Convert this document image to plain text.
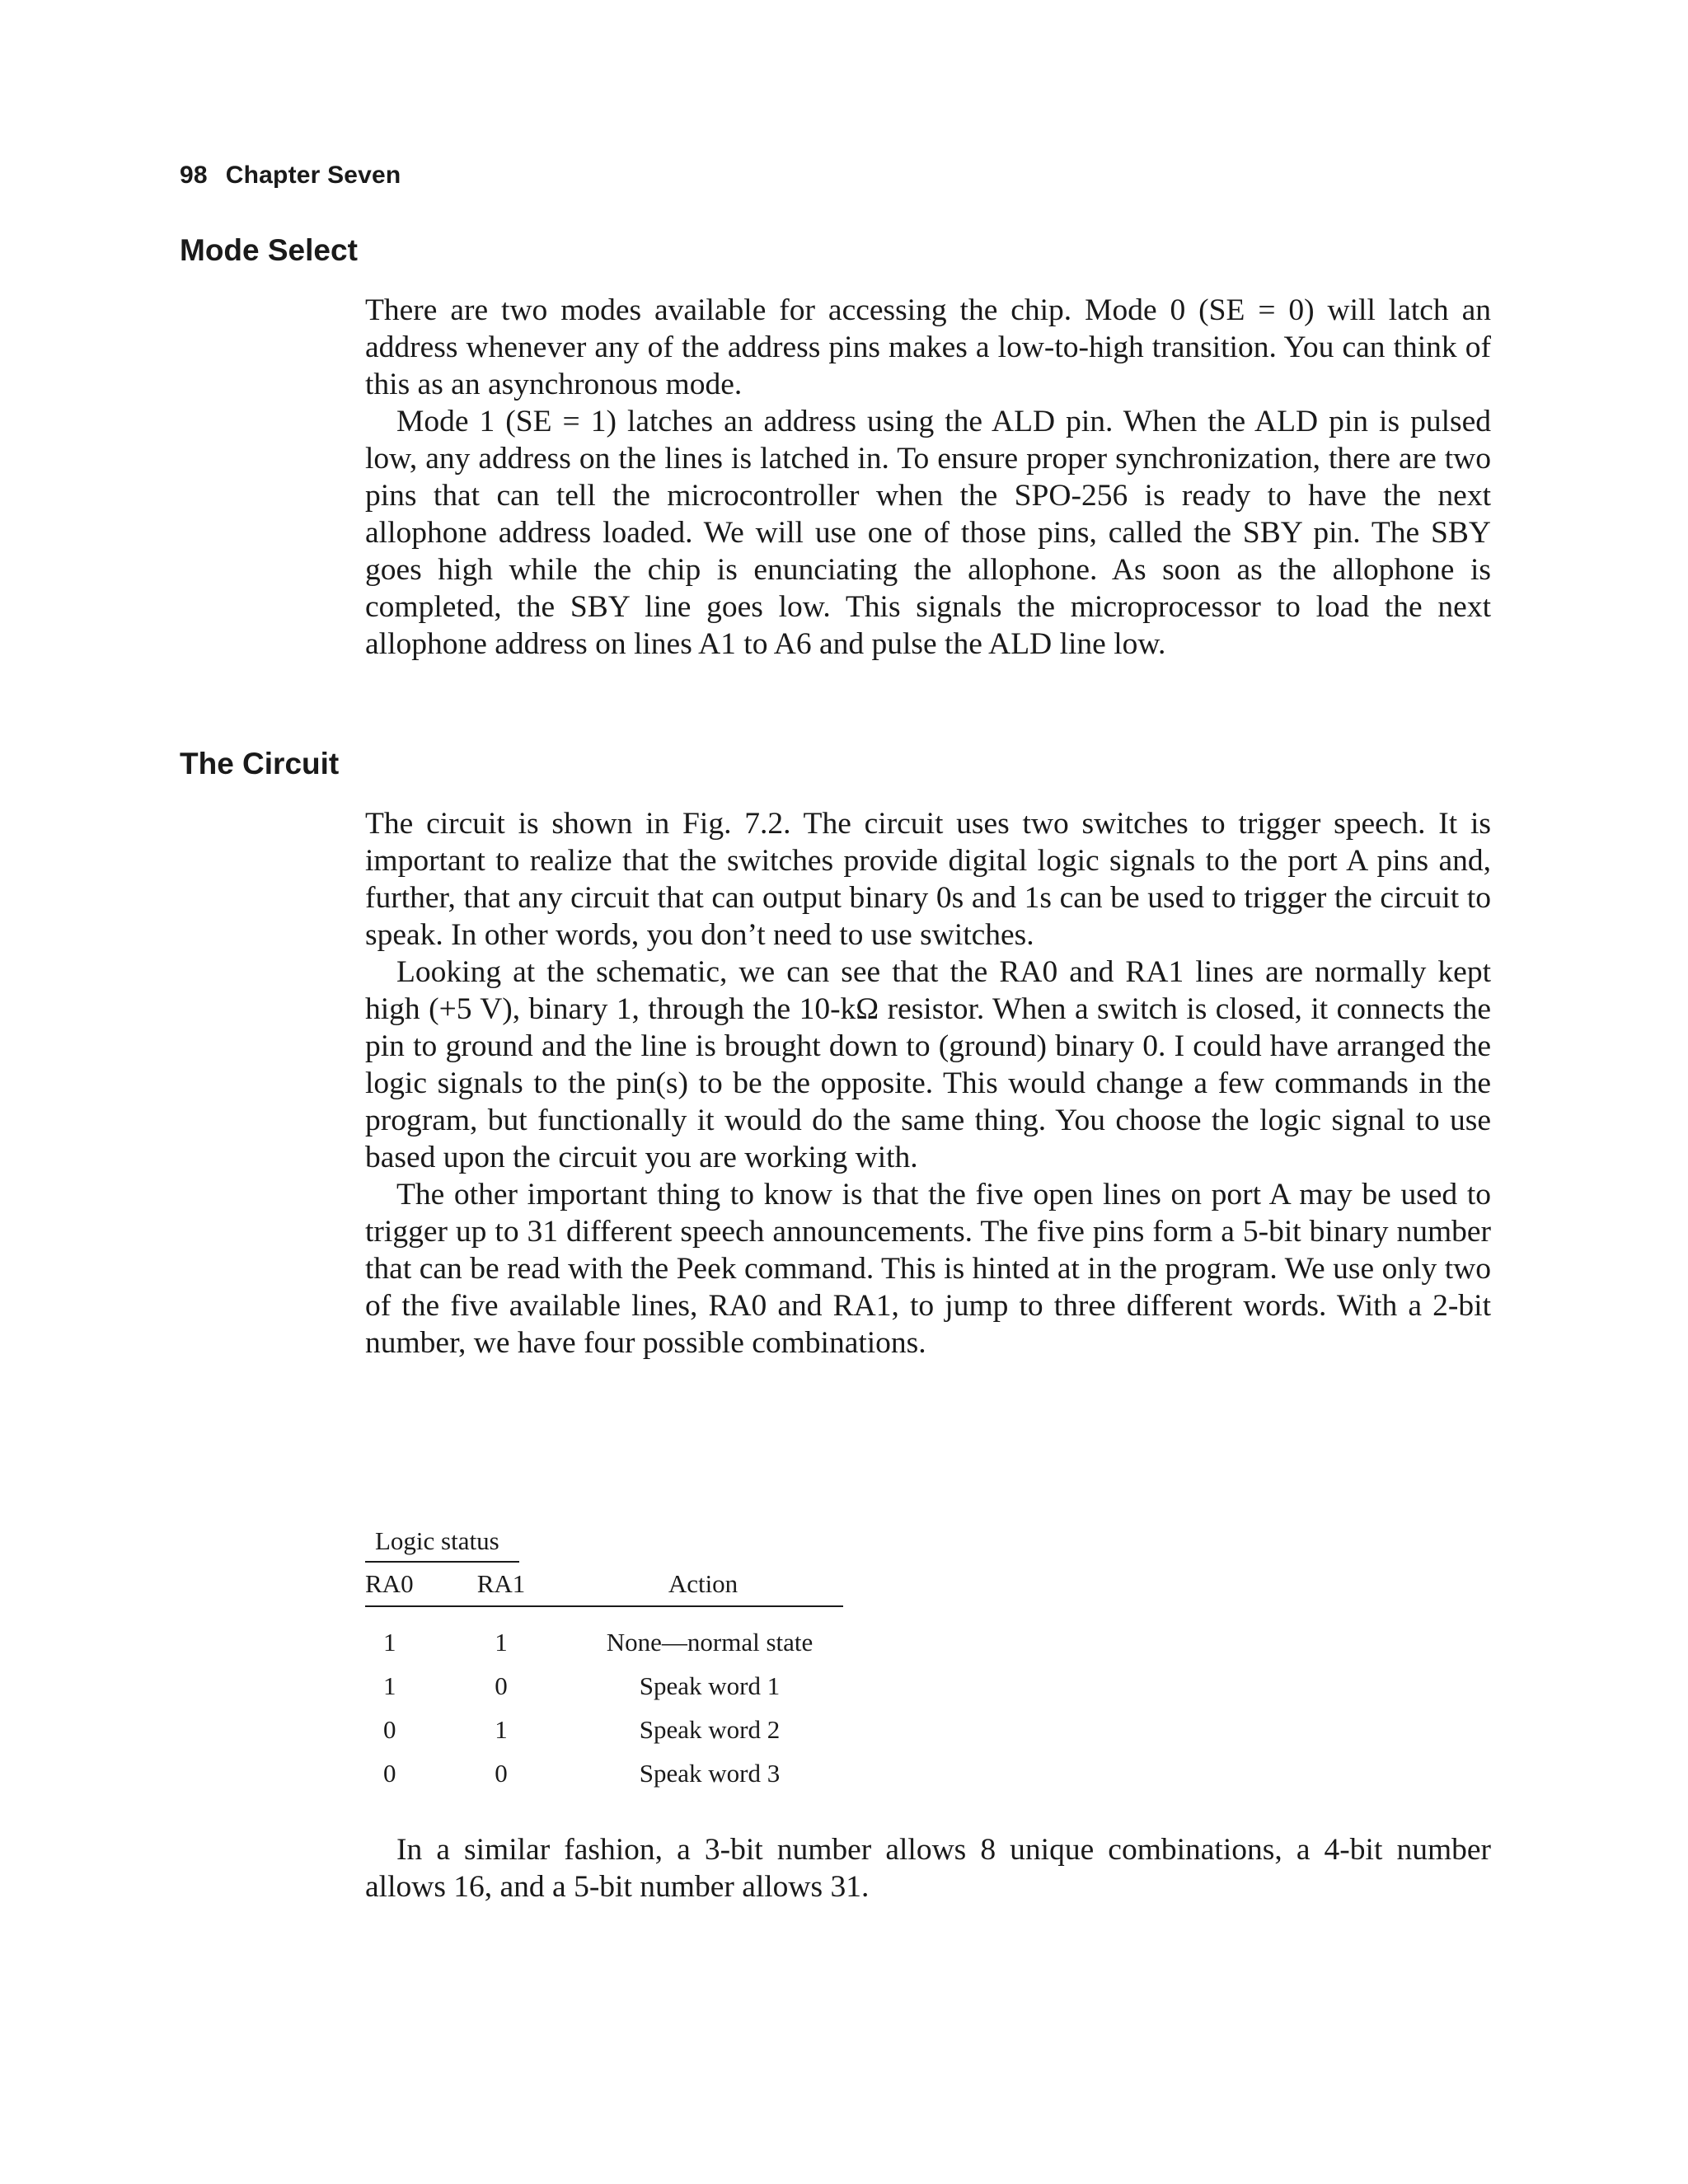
98 Chapter Seven
Mode Select

There are two modes available for accessing the chip. Mode 0 (SE = 0) will latch an address whenever any of the address pins makes a low-to-high transition. You can think of this as an asynchronous mode.

Mode 1 (SE = 1) latches an address using the ALD pin. When the ALD pin is pulsed low, any address on the lines is latched in. To ensure proper synchronization, there are two pins that can tell the microcontroller when the SPO-256 is ready to have the next allophone address loaded. We will use one of those pins, called the SBY pin. The SBY goes high while the chip is enunciating the allophone. As soon as the allophone is completed, the SBY line goes low. This signals the microprocessor to load the next allophone address on lines A1 to A6 and pulse the ALD line low.

The Circuit

The circuit is shown in Fig. 7.2. The circuit uses two switches to trigger speech. It is important to realize that the switches provide digital logic signals to the port A pins and, further, that any circuit that can output binary 0s and 1s can be used to trigger the circuit to speak. In other words, you don’t need to use switches.

Looking at the schematic, we can see that the RA0 and RA1 lines are normally kept high (+5 V), binary 1, through the 10-kΩ resistor. When a switch is closed, it connects the pin to ground and the line is brought down to (ground) binary 0. I could have arranged the logic signals to the pin(s) to be the opposite. This would change a few commands in the program, but functionally it would do the same thing. You choose the logic signal to use based upon the circuit you are working with.

The other important thing to know is that the five open lines on port A may be used to trigger up to 31 different speech announcements. The five pins form a 5-bit binary number that can be read with the Peek command. This is hinted at in the program. We use only two of the five available lines, RA0 and RA1, to jump to three different words. With a 2-bit number, we have four possible combinations.

Logic status		
RA0	RA1	Action
1	1	None—normal state
1	0	Speak word 1
0	1	Speak word 2
0	0	Speak word 3

In a similar fashion, a 3-bit number allows 8 unique combinations, a 4-bit number allows 16, and a 5-bit number allows 31.
